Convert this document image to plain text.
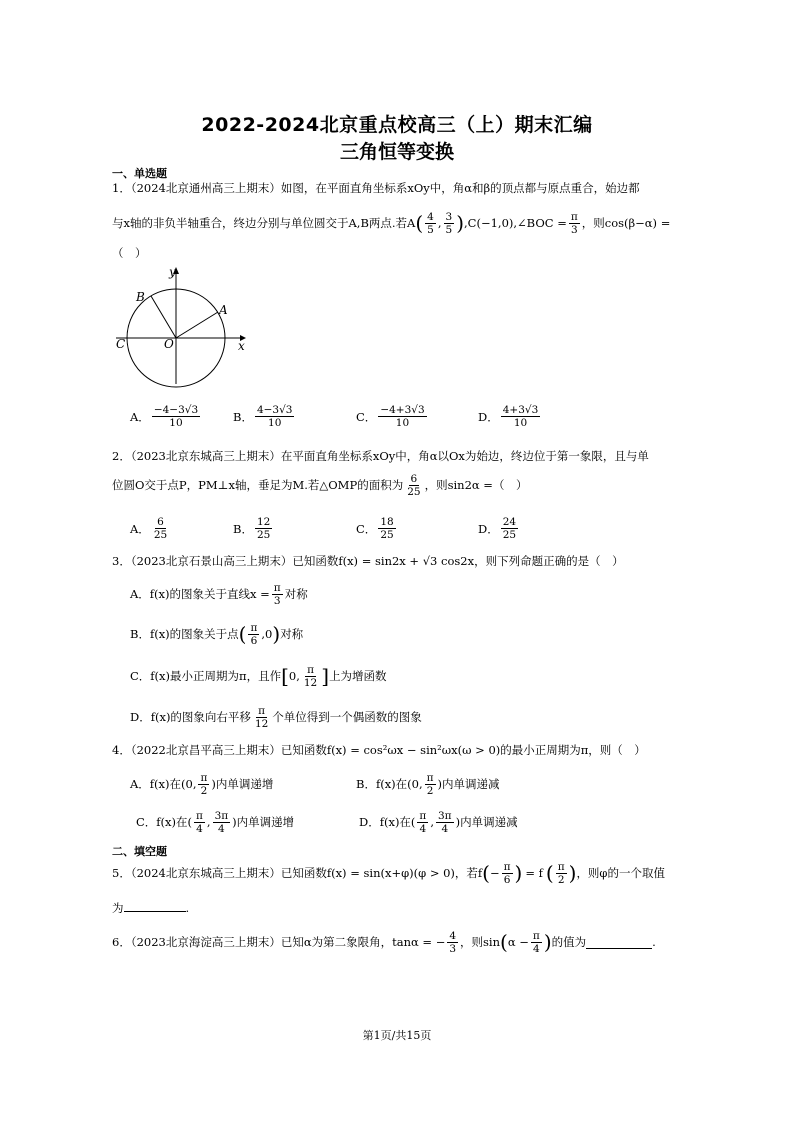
2022-2024北京重点校高三（上）期末汇编
三角恒等变换
一、单选题
1．（2024北京通州高三上期末）如图，在平面直角坐标系xOy中，角α和β的顶点都与原点重合，始边都
与x轴的非负半轴重合，终边分别与单位圆交于A,B两点.若A ( $\frac{4}{5}$ , $\frac{3}{5}$ ) ,C(−1,0),∠BOC = $\frac{\pi}{3}$ ，则cos(β−α) =
（　）
y
x
A
B
C	O
A． $\frac{-4-3√3}{10}$	B． $\frac{4-3√3}{10}$	C． $\frac{-4+3√3}{10}$	D． $\frac{4+3√3}{10}$
2．（2023北京东城高三上期末）在平面直角坐标系xOy中，角α以Ox为始边，终边位于第一象限，且与单
位圆O交于点P，PM⊥x轴，垂足为M.若△OMP的面积为 $\frac{6}{25}$ ，则sin2α =（　）
A． $\frac{6}{25}$	B． $\frac{12}{25}$	C． $\frac{18}{25}$	D． $\frac{24}{25}$
3．（2023北京石景山高三上期末）已知函数f(x) = sin2x + √3 cos2x，则下列命题正确的是（　）
A．f(x)的图象关于直线$x = \frac{\pi}{3}$ 对称
B．f(x)的图象关于点 ( $\frac{\pi}{6} ,0$ ) 对称
C．f(x)最小正周期为π，且作 [ 0, $\frac{\pi}{12}$ ] 上为增函数
D．f(x)的图象向右平移 $\frac{\pi}{12}$ 个单位得到一个偶函数的图象
4．（2022北京昌平高三上期末）已知函数f(x) = cos²ωx − sin²ωx(ω > 0)的最小正周期为π，则（　）
A．f(x)在(0, $\frac{\pi}{2}$ )内单调递增	B．f(x)在(0, $\frac{\pi}{2}$ )内单调递减
C．f(x)在( $\frac{\pi}{4}$ , $\frac{3\pi}{4}$ )内单调递增	D．f(x)在( $\frac{\pi}{4}$ , $\frac{3\pi}{4}$ )内单调递减
二、填空题
5．（2024北京东城高三上期末）已知函数f(x) = sin(x+φ)(φ > 0)，若f ( − $\frac{\pi}{6}$ ) = f ( $\frac{\pi}{2}$ ) ，则φ的一个取值
为	.
6．（2023北京海淀高三上期末）已知α为第二象限角，tanα = − $\frac{4}{3}$ ，则sin ( $\alpha - \frac{\pi}{4}$ ) 的值为	.
第1页/共15页
